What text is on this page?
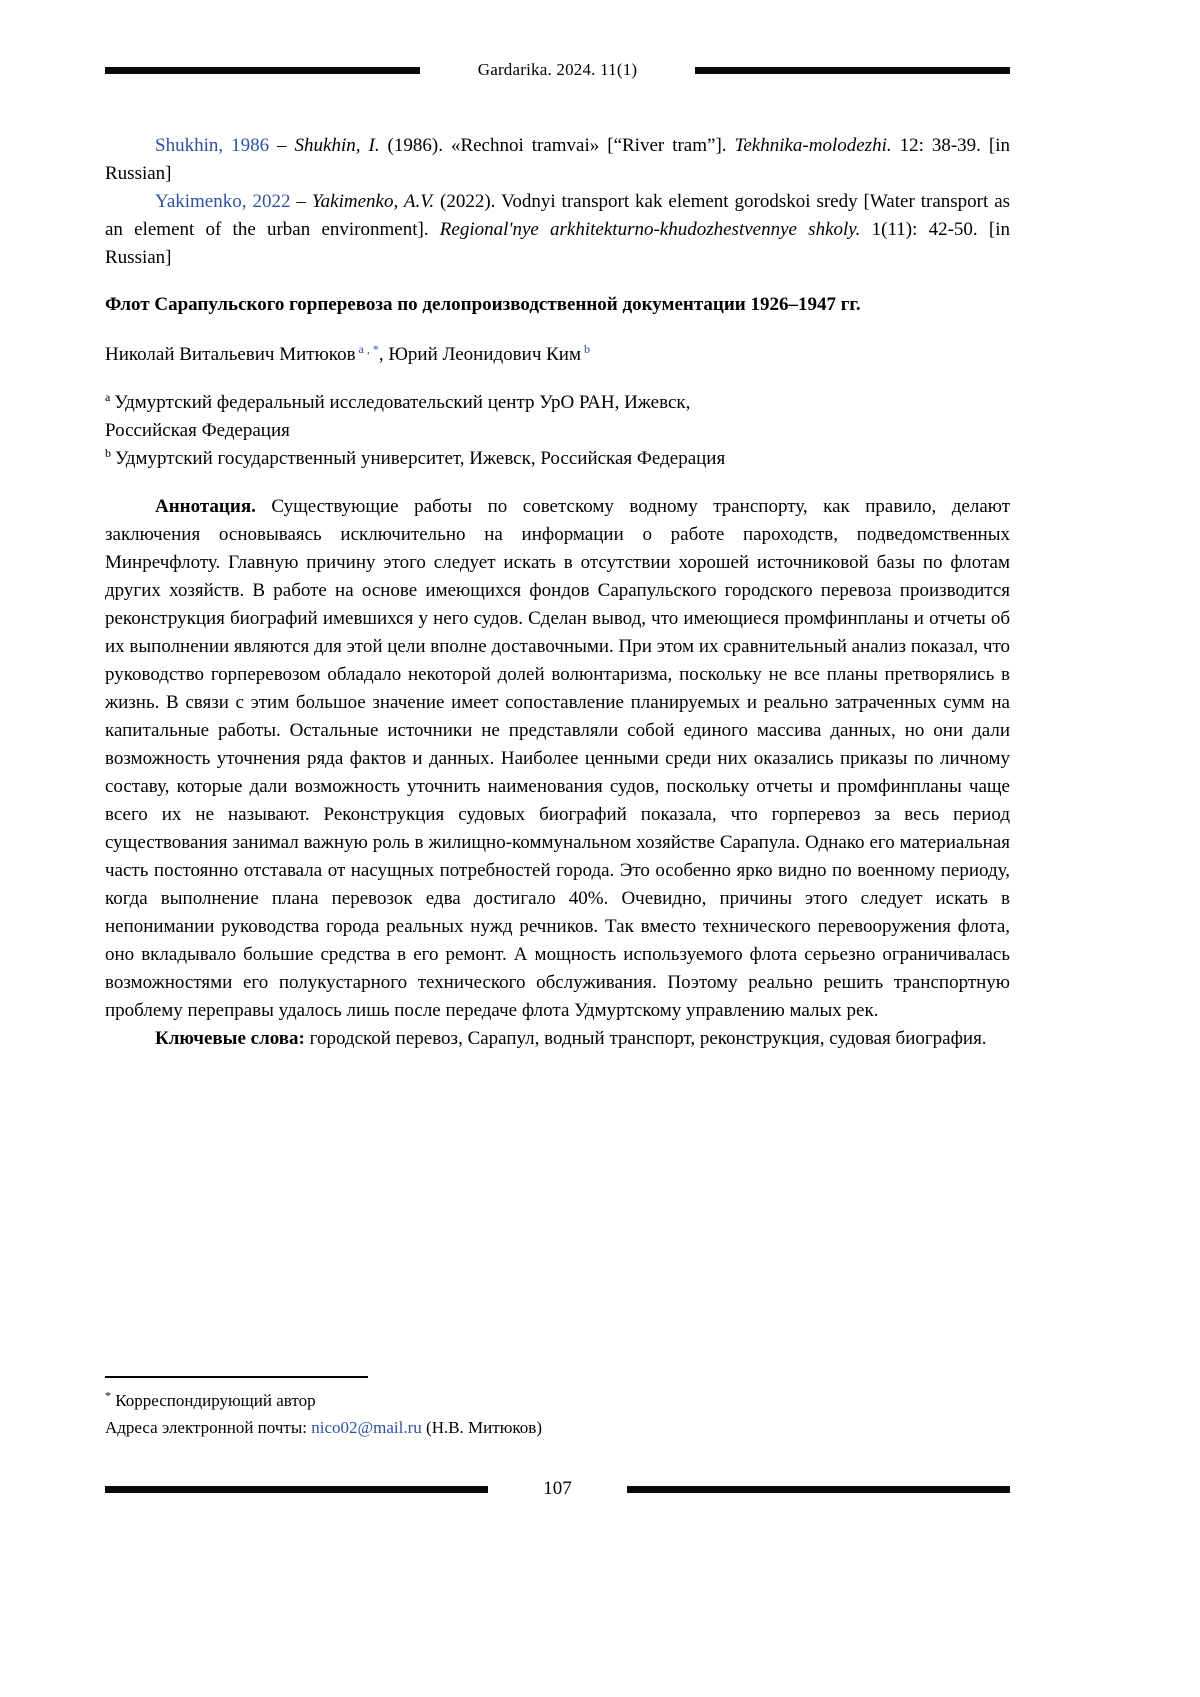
Gardarika. 2024. 11(1)

Shukhin, 1986 – Shukhin, I. (1986). «Rechnoi tramvai» [“River tram”]. Tekhnika-molodezhi. 12: 38-39. [in Russian]

Yakimenko, 2022 – Yakimenko, A.V. (2022). Vodnyi transport kak element gorodskoi sredy [Water transport as an element of the urban environment]. Regional'nye arkhitekturno-khudozhestvennye shkoly. 1(11): 42-50. [in Russian]

Флот Сарапульского горперевоза по делопроизводственной документации 1926–1947 гг.

Николай Витальевич Митюков $^{a , *}$, Юрий Леонидович Ким $^b$

$^a$ Удмуртский федеральный исследовательский центр УрО РАН, Ижевск,
Российская Федерация

$^b$ Удмуртский государственный университет, Ижевск, Российская Федерация

Аннотация. Существующие работы по советскому водному транспорту, как правило, делают заключения основываясь исключительно на информации о работе пароходств, подведомственных Минречфлоту. Главную причину этого следует искать в отсутствии хорошей источниковой базы по флотам других хозяйств. В работе на основе имеющихся фондов Сарапульского городского перевоза производится реконструкция биографий имевшихся у него судов. Сделан вывод, что имеющиеся промфинпланы и отчеты об их выполнении являются для этой цели вполне доставочными. При этом их сравнительный анализ показал, что руководство горперевозом обладало некоторой долей волюнтаризма, поскольку не все планы претворялись в жизнь. В связи с этим большое значение имеет сопоставление планируемых и реально затраченных сумм на капитальные работы. Остальные источники не представляли собой единого массива данных, но они дали возможность уточнения ряда фактов и данных. Наиболее ценными среди них оказались приказы по личному составу, которые дали возможность уточнить наименования судов, поскольку отчеты и промфинпланы чаще всего их не называют. Реконструкция судовых биографий показала, что горперевоз за весь период существования занимал важную роль в жилищно-коммунальном хозяйстве Сарапула. Однако его материальная часть постоянно отставала от насущных потребностей города. Это особенно ярко видно по военному периоду, когда выполнение плана перевозок едва достигало 40%. Очевидно, причины этого следует искать в непонимании руководства города реальных нужд речников. Так вместо технического перевооружения флота, оно вкладывало большие средства в его ремонт. А мощность используемого флота серьезно ограничивалась возможностями его полукустарного технического обслуживания. Поэтому реально решить транспортную проблему переправы удалось лишь после передаче флота Удмуртскому управлению малых рек.

Ключевые слова: городской перевоз, Сарапул, водный транспорт, реконструкция, судовая биография.

* Корреспондирующий автор

Адреса электронной почты: nico02@mail.ru (Н.В. Митюков)

107
